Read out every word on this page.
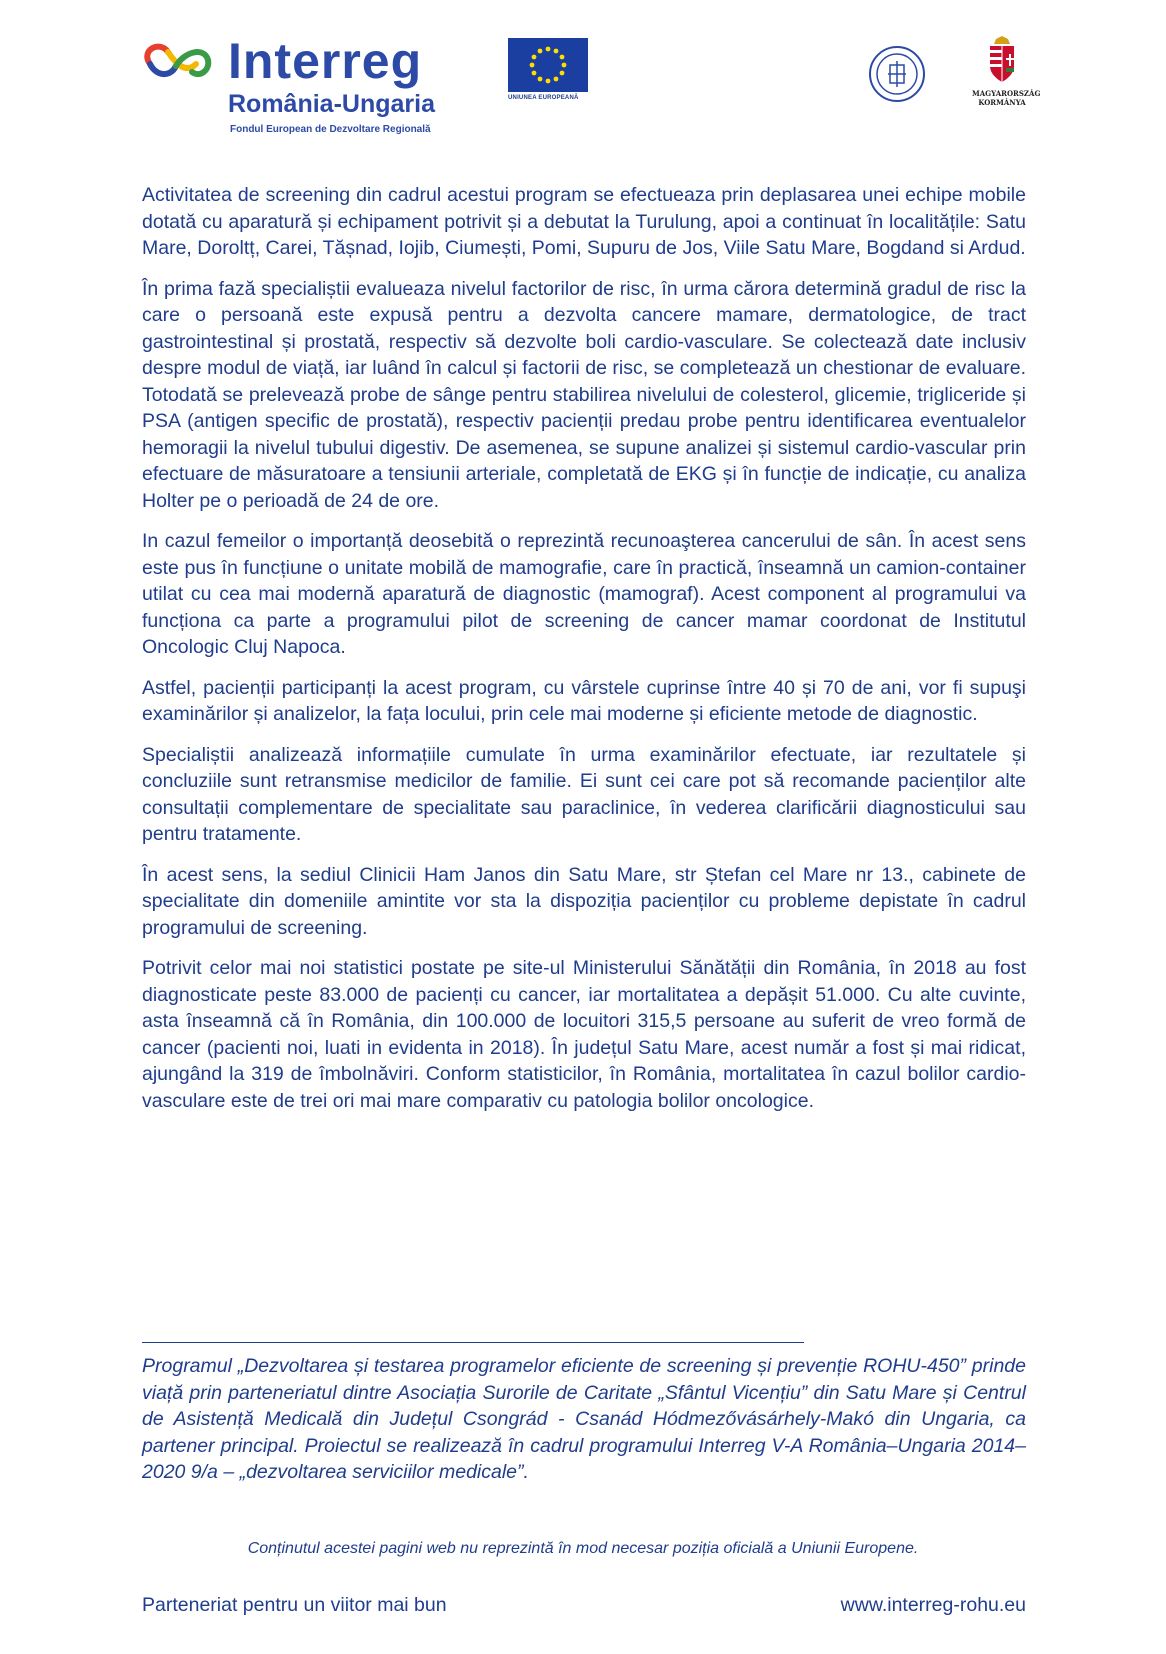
Interreg
România-Ungaria
Fondul European de Dezvoltare Regională
UNIUNEA EUROPEANĂ	MAGYARORSZÁG
KORMÁNYA

Activitatea de screening din cadrul acestui program se efectueaza prin deplasarea unei echipe mobile dotată cu aparatură și echipament potrivit și a debutat la Turulung, apoi a continuat în localitățile: Satu Mare, Doroltț, Carei, Tășnad, Iojib, Ciumești, Pomi, Supuru de Jos, Viile Satu Mare, Bogdand si Ardud.

În prima fază specialiștii evalueaza nivelul factorilor de risc, în urma cărora determină gradul de risc la care o persoană este expusă pentru a dezvolta cancere mamare, dermatologice, de tract gastrointestinal și prostată, respectiv să dezvolte boli cardio-vasculare. Se colectează date inclusiv despre modul de viață, iar luând în calcul și factorii de risc, se completează un chestionar de evaluare. Totodată se prelevează probe de sânge pentru stabilirea nivelului de colesterol, glicemie, trigliceride și PSA (antigen specific de prostată), respectiv pacienții predau probe pentru identificarea eventualelor hemoragii la nivelul tubului digestiv. De asemenea, se supune analizei și sistemul cardio-vascular prin efectuare de măsuratoare a tensiunii arteriale, completată de EKG și în funcție de indicație, cu analiza Holter pe o perioadă de 24 de ore.

In cazul femeilor o importanță deosebită o reprezintă recunoaşterea cancerului de sân. În acest sens este pus în funcțiune o unitate mobilă de mamografie, care în practică, înseamnă un camion-container utilat cu cea mai modernă aparatură de diagnostic (mamograf). Acest component al programului va funcționa ca parte a programului pilot de screening de cancer mamar coordonat de Institutul Oncologic Cluj Napoca.

Astfel, pacienții participanți la acest program, cu vârstele cuprinse între 40 și 70 de ani, vor fi supuşi examinărilor și analizelor, la fața locului, prin cele mai moderne și eficiente metode de diagnostic.

Specialiștii analizează informațiile cumulate în urma examinărilor efectuate, iar rezultatele și concluziile sunt retransmise medicilor de familie. Ei sunt cei care pot să recomande pacienților alte consultații complementare de specialitate sau paraclinice, în vederea clarificării diagnosticului sau pentru tratamente.

În acest sens, la sediul Clinicii Ham Janos din Satu Mare, str Ștefan cel Mare nr 13., cabinete de specialitate din domeniile amintite vor sta la dispoziția pacienților cu probleme depistate în cadrul programului de screening.

Potrivit celor mai noi statistici postate pe site-ul Ministerului Sănătății din România, în 2018 au fost diagnosticate peste 83.000 de pacienți cu cancer, iar mortalitatea a depășit 51.000. Cu alte cuvinte, asta înseamnă că în România, din 100.000 de locuitori 315,5 persoane au suferit de vreo formă de cancer (pacienti noi, luati in evidenta in 2018). În județul Satu Mare, acest număr a fost și mai ridicat, ajungând la 319 de îmbolnăviri. Conform statisticilor, în România, mortalitatea în cazul bolilor cardio-vasculare este de trei ori mai mare comparativ cu patologia bolilor oncologice.

Programul „Dezvoltarea și testarea programelor eficiente de screening și prevenție ROHU-450” prinde viață prin parteneriatul dintre Asociația Surorile de Caritate „Sfântul Vicențiu” din Satu Mare și Centrul de Asistență Medicală din Județul Csongrád - Csanád Hódmezővásárhely-Makó din Ungaria, ca partener principal. Proiectul se realizează în cadrul programului Interreg V-A România–Ungaria 2014–2020 9/a – „dezvoltarea serviciilor medicale”.

Conținutul acestei pagini web nu reprezintă în mod necesar poziția oficială a Uniunii Europene.

Parteneriat pentru un viitor mai bun	www.interreg-rohu.eu
